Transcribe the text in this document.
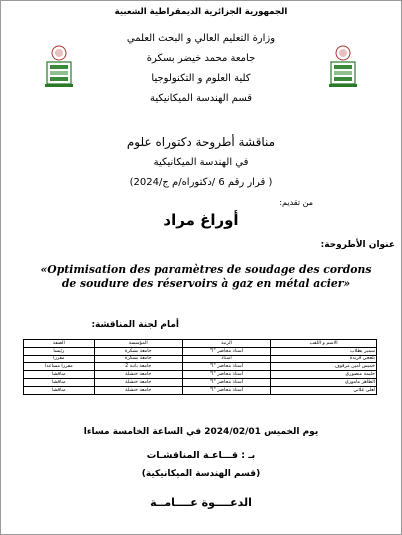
الجمهورية الجزائرية الديمقراطية الشعبية
وزارة التعليم العالي و البحث العلمي
جامعة محمد خيضر بسكرة
كلية العلوم و التكنولوجيا
قسم الهندسة الميكانيكية
مناقشة أطروحة دكتوراه علوم
في الهندسة الميكانيكية
( قرار رقم 6 /دكتوراه/م ج/2024)
من تقديم:
أوراغ مراد
عنوان الأطروحة:
«Optimisation des paramètres de soudage des cordons de soudure des réservoirs à gaz en métal acier»
أمام لجنة المناقشة:
الاسم و اللقب	الرتبة	المؤسسة	الصفة
سمير بطلاب	أستاذ محاضر "أ"	جامعة بسكرة	رئيسا
بلعجي فريدة	أستاذ	جامعة بسكرة	مقررا
خميس أمين مرفوف	أستاذ محاضر "أ"	جامعة باتنة 2	مقررا مساعدا
حليمة منصوري	أستاذ محاضر "أ"	جامعة خنشلة	مناقشا
الطاهر ماموري	أستاذ محاضر "أ"	جامعة خنشلة	مناقشا
لعلى غلاني	أستاذ محاضر "أ"	جامعة خنشلة	مناقشا
يوم الخميس 2024/02/01 في الساعة الخامسة مساءا
بـ : قـــاعـة المناقشـات
(قسم الهندسة الميكانيكية)
الدعــــوة عــــامــة
